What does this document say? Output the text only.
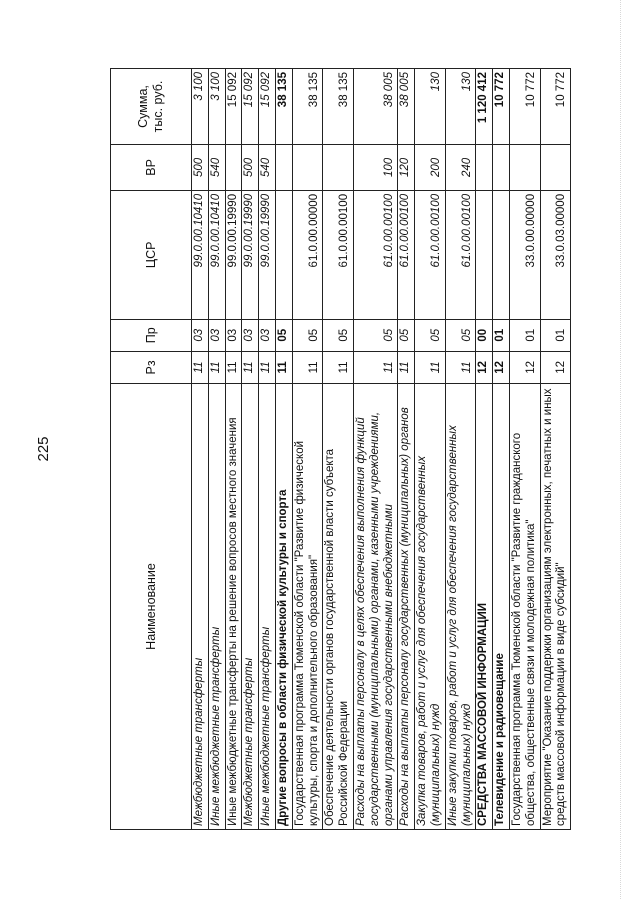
225
Наименование	Рз	Пр	ЦСР	ВР	Сумма, тыс. руб.
Межбюджетные трансферты	11	03	99.0.00.10410	500	3 100
Иные межбюджетные трансферты	11	03	99.0.00.10410	540	3 100
Иные межбюджетные трансферты на решение вопросов местного значения	11	03	99.0.00.19990		15 092
Межбюджетные трансферты	11	03	99.0.00.19990	500	15 092
Иные межбюджетные трансферты	11	03	99.0.00.19990	540	15 092
Другие вопросы в области физической культуры и спорта	11	05			38 135
Государственная программа Тюменской области "Развитие физической культуры, спорта и дополнительного образования"	11	05	61.0.00.00000		38 135
Обеспечение деятельности органов государственной власти субъекта Российской Федерации	11	05	61.0.00.00100		38 135
Расходы на выплаты персоналу в целях обеспечения выполнения функций государственными (муниципальными) органами, казенными учреждениями, органами управления государственными внебюджетными	11	05	61.0.00.00100	100	38 005
Расходы на выплаты персоналу государственных (муниципальных) органов	11	05	61.0.00.00100	120	38 005
Закупка товаров, работ и услуг для обеспечения государственных (муниципальных) нужд	11	05	61.0.00.00100	200	130
Иные закупки товаров, работ и услуг для обеспечения государственных (муниципальных) нужд	11	05	61.0.00.00100	240	130
СРЕДСТВА МАССОВОЙ ИНФОРМАЦИИ	12	00			1 120 412
Телевидение и радиовещание	12	01			10 772
Государственная программа Тюменской области "Развитие гражданского общества, общественные связи и молодежная политика"	12	01	33.0.00.00000		10 772
Мероприятие "Оказание поддержки организациям электронных, печатных и иных средств массовой информации в виде субсидий"	12	01	33.0.03.00000		10 772
